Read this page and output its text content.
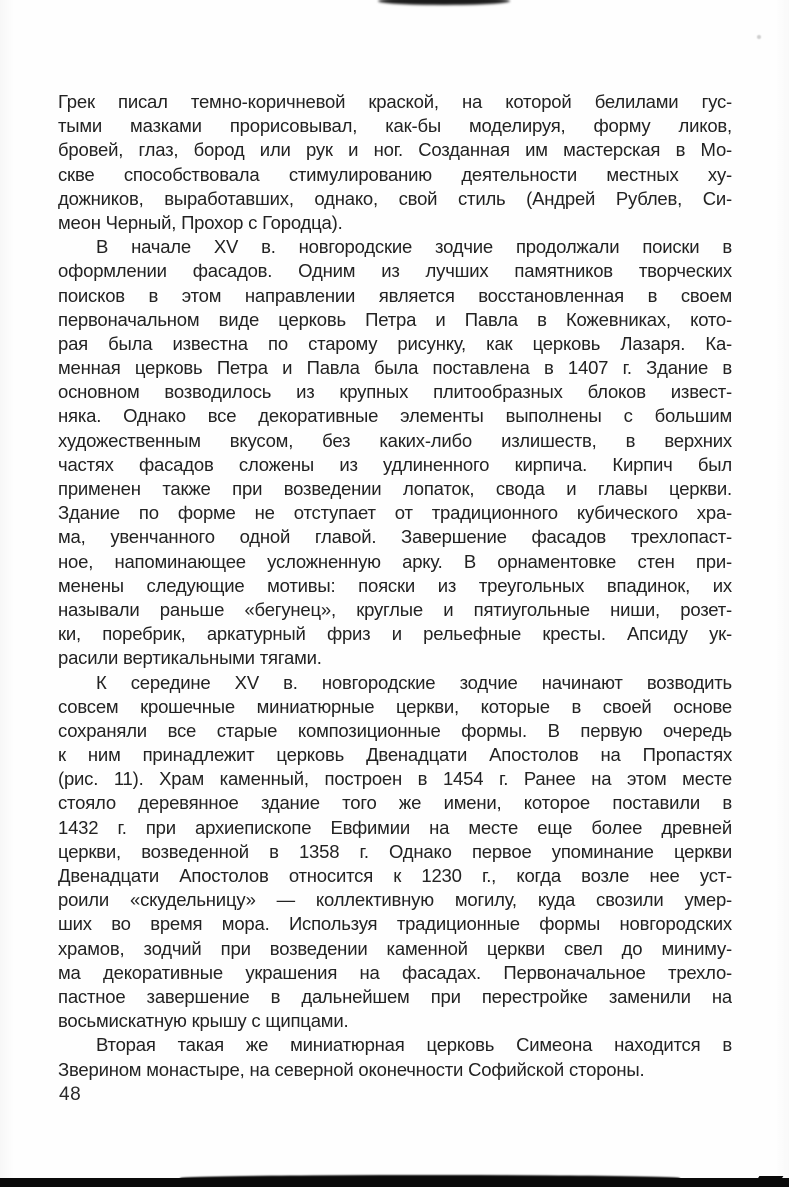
Грек писал темно-коричневой краской, на которой белилами гус-
тыми мазками прорисовывал, как-бы моделируя, форму ликов,
бровей, глаз, бород или рук и ног. Созданная им мастерская в Мо-
скве способствовала стимулированию деятельности местных ху-
дожников, выработавших, однако, свой стиль (Андрей Рублев, Си-
меон Черный, Прохор с Городца).
В начале XV в. новгородские зодчие продолжали поиски в
оформлении фасадов. Одним из лучших памятников творческих
поисков в этом направлении является восстановленная в своем
первоначальном виде церковь Петра и Павла в Кожевниках, кото-
рая была известна по старому рисунку, как церковь Лазаря. Ка-
менная церковь Петра и Павла была поставлена в 1407 г. Здание в
основном возводилось из крупных плитообразных блоков извест-
няка. Однако все декоративные элементы выполнены с большим
художественным вкусом, без каких-либо излишеств, в верхних
частях фасадов сложены из удлиненного кирпича. Кирпич был
применен также при возведении лопаток, свода и главы церкви.
Здание по форме не отступает от традиционного кубического хра-
ма, увенчанного одной главой. Завершение фасадов трехлопаст-
ное, напоминающее усложненную арку. В орнаментовке стен при-
менены следующие мотивы: пояски из треугольных впадинок, их
называли раньше «бегунец», круглые и пятиугольные ниши, розет-
ки, поребрик, аркатурный фриз и рельефные кресты. Апсиду ук-
расили вертикальными тягами.
К середине XV в. новгородские зодчие начинают возводить
совсем крошечные миниатюрные церкви, которые в своей основе
сохраняли все старые композиционные формы. В первую очередь
к ним принадлежит церковь Двенадцати Апостолов на Пропастях
(рис. 11). Храм каменный, построен в 1454 г. Ранее на этом месте
стояло деревянное здание того же имени, которое поставили в
1432 г. при архиепископе Евфимии на месте еще более древней
церкви, возведенной в 1358 г. Однако первое упоминание церкви
Двенадцати Апостолов относится к 1230 г., когда возле нее уст-
роили «скудельницу» — коллективную могилу, куда свозили умер-
ших во время мора. Используя традиционные формы новгородских
храмов, зодчий при возведении каменной церкви свел до миниму-
ма декоративные украшения на фасадах. Первоначальное трехло-
пастное завершение в дальнейшем при перестройке заменили на
восьмискатную крышу с щипцами.
Вторая такая же миниатюрная церковь Симеона находится в
Зверином монастыре, на северной оконечности Софийской стороны.
48
